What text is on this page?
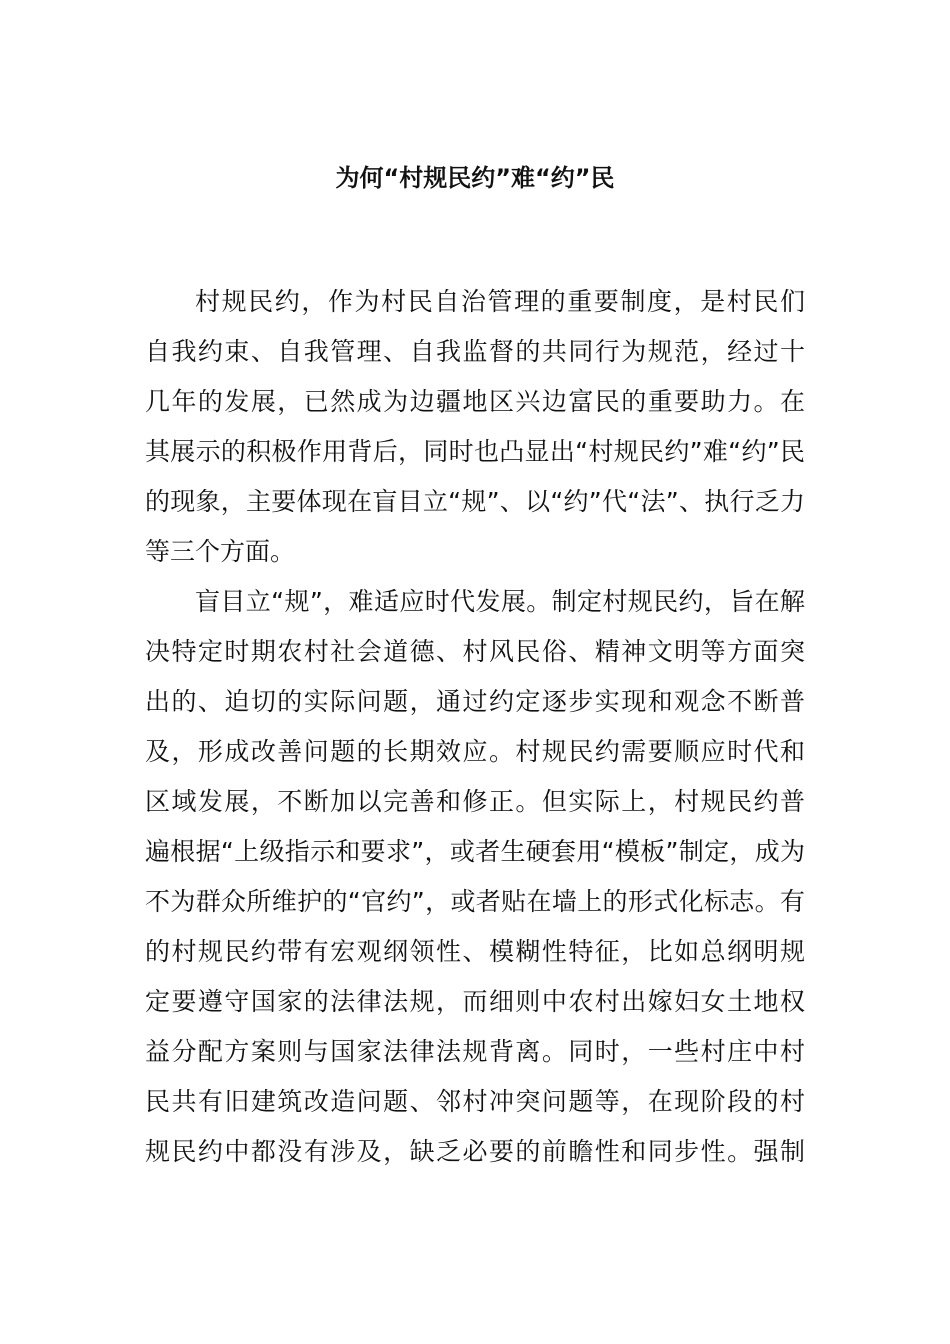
为何“村规民约”难“约”民
村规民约，作为村民自治管理的重要制度，是村民们
自我约束、自我管理、自我监督的共同行为规范，经过十
几年的发展，已然成为边疆地区兴边富民的重要助力。在
其展示的积极作用背后，同时也凸显出“村规民约”难“约”民
的现象，主要体现在盲目立“规”、以“约”代“法”、执行乏力
等三个方面。
盲目立“规”，难适应时代发展。制定村规民约，旨在解
决特定时期农村社会道德、村风民俗、精神文明等方面突
出的、迫切的实际问题，通过约定逐步实现和观念不断普
及，形成改善问题的长期效应。村规民约需要顺应时代和
区域发展，不断加以完善和修正。但实际上，村规民约普
遍根据“上级指示和要求”，或者生硬套用“模板”制定，成为
不为群众所维护的“官约”，或者贴在墙上的形式化标志。有
的村规民约带有宏观纲领性、模糊性特征，比如总纲明规
定要遵守国家的法律法规，而细则中农村出嫁妇女土地权
益分配方案则与国家法律法规背离。同时，一些村庄中村
民共有旧建筑改造问题、邻村冲突问题等，在现阶段的村
规民约中都没有涉及，缺乏必要的前瞻性和同步性。强制
